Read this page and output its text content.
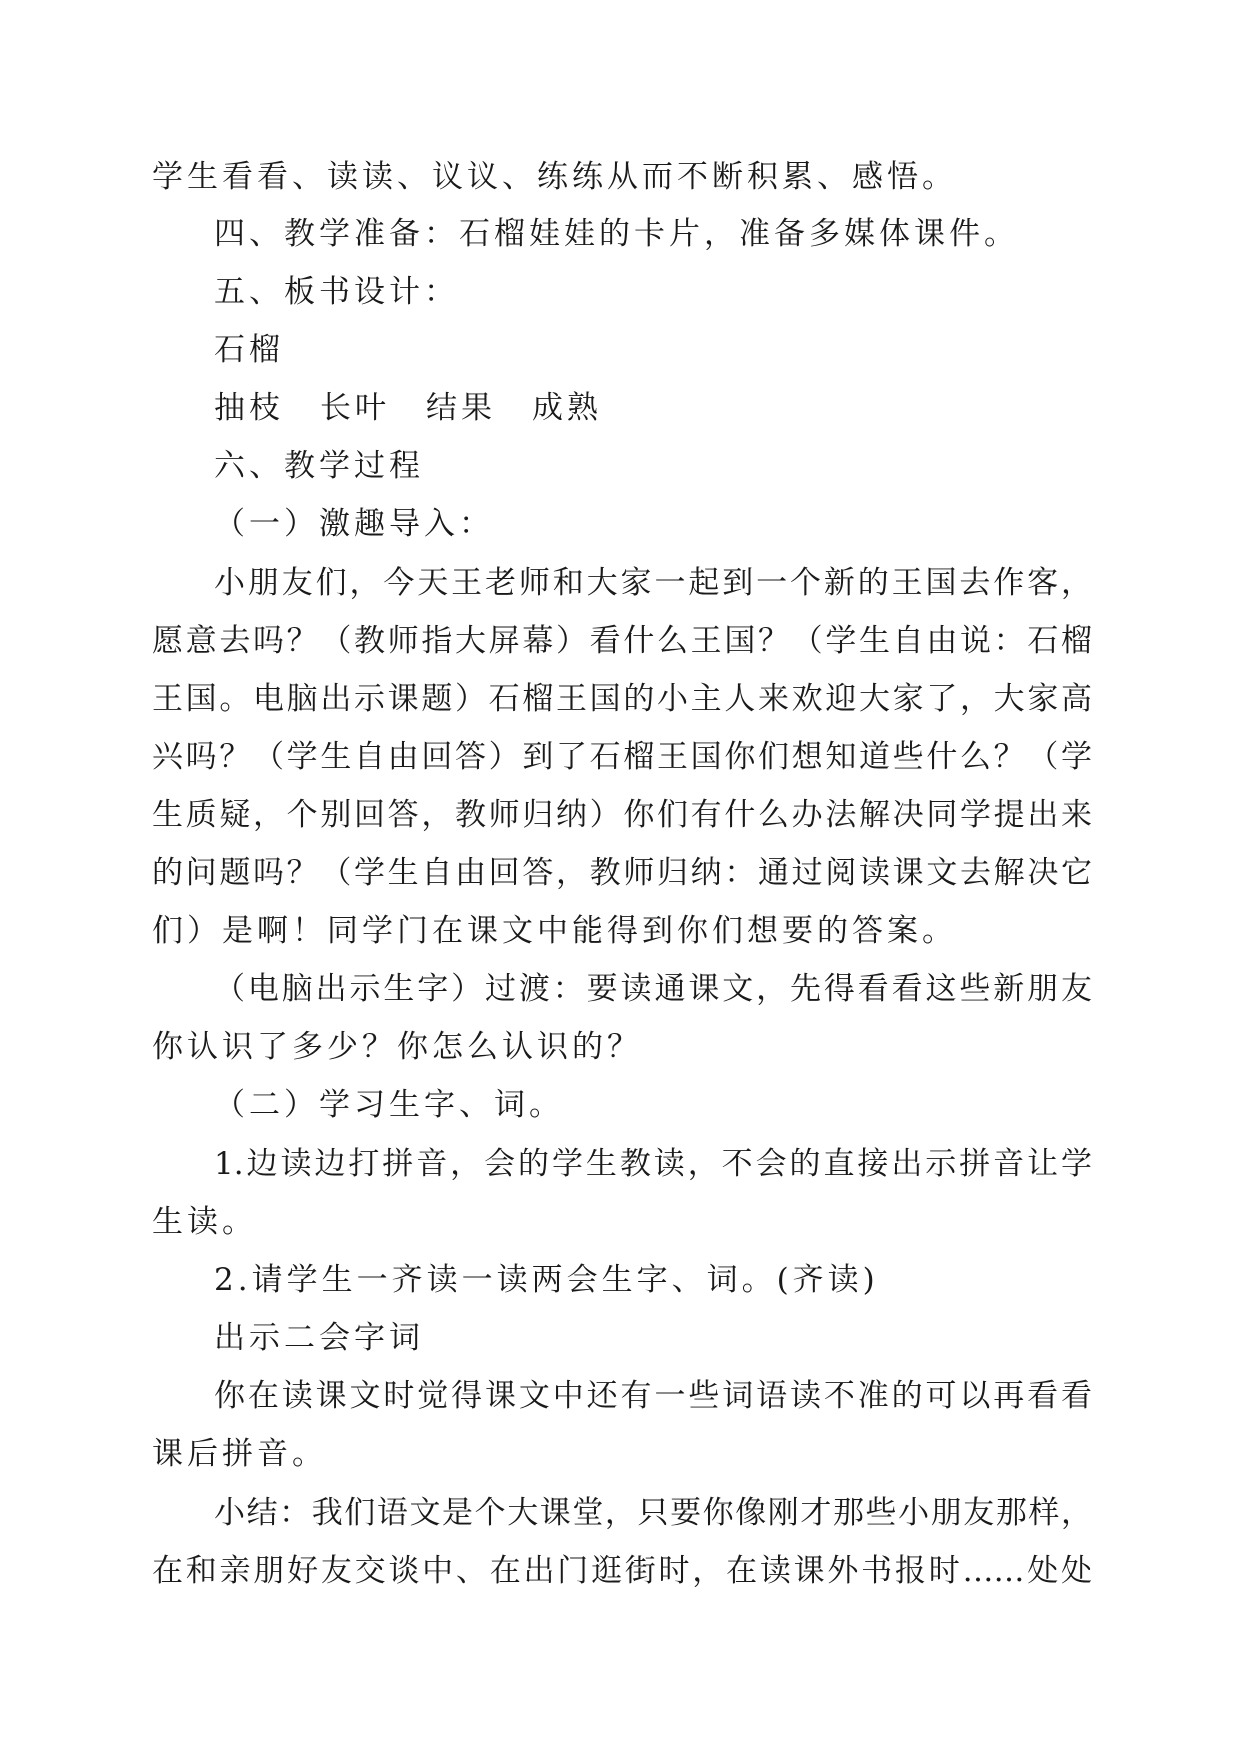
学生看看、读读、议议、练练从而不断积累、感悟。
四、教学准备：石榴娃娃的卡片，准备多媒体课件。
五、板书设计：
石榴
抽枝 长叶 结果 成熟
六、教学过程
（一）激趣导入：
小朋友们，今天王老师和大家一起到一个新的王国去作客，
愿意去吗？（教师指大屏幕）看什么王国？（学生自由说：石榴
王国。电脑出示课题）石榴王国的小主人来欢迎大家了，大家高
兴吗？（学生自由回答）到了石榴王国你们想知道些什么？（学
生质疑，个别回答，教师归纳）你们有什么办法解决同学提出来
的问题吗？（学生自由回答，教师归纳：通过阅读课文去解决它
们）是啊！同学门在课文中能得到你们想要的答案。
（电脑出示生字）过渡：要读通课文，先得看看这些新朋友
你认识了多少？你怎么认识的？
（二）学习生字、词。
1.边读边打拼音，会的学生教读，不会的直接出示拼音让学
生读。
2.请学生一齐读一读两会生字、词。(齐读)
出示二会字词
你在读课文时觉得课文中还有一些词语读不准的可以再看看
课后拼音。
小结：我们语文是个大课堂，只要你像刚才那些小朋友那样，
在和亲朋好友交谈中、在出门逛街时，在读课外书报时……处处
